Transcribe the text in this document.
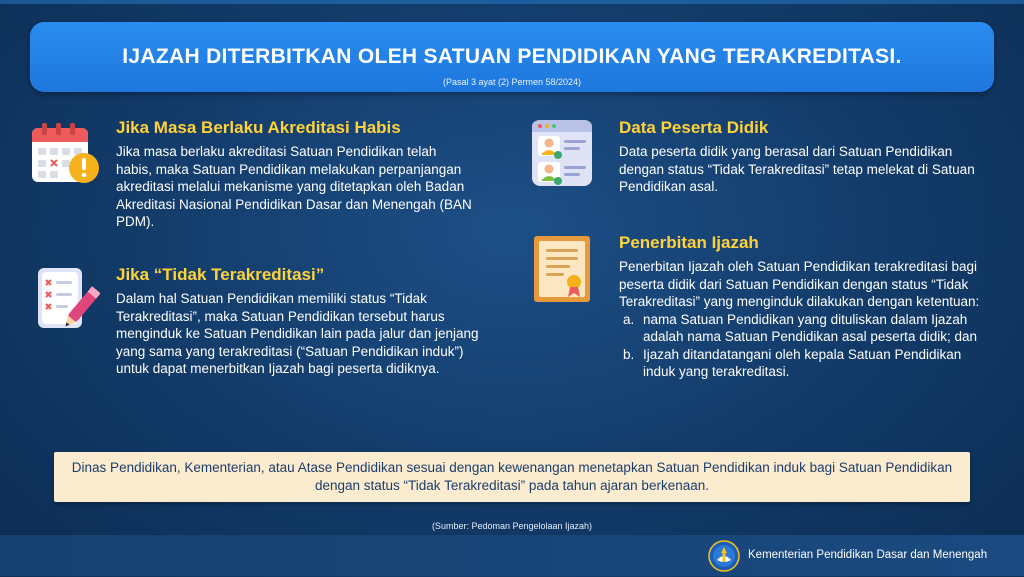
IJAZAH DITERBITKAN OLEH SATUAN PENDIDIKAN YANG TERAKREDITASI.
(Pasal 3 ayat (2) Permen 58/2024)
Jika Masa Berlaku Akreditasi Habis
Jika masa berlaku akreditasi Satuan Pendidikan telah habis, maka Satuan Pendidikan melakukan perpanjangan akreditasi melalui mekanisme yang ditetapkan oleh Badan Akreditasi Nasional Pendidikan Dasar dan Menengah (BAN PDM).
Jika “Tidak Terakreditasi”
Dalam hal Satuan Pendidikan memiliki status “Tidak Terakreditasi”, maka Satuan Pendidikan tersebut harus menginduk ke Satuan Pendidikan lain pada jalur dan jenjang yang sama yang terakreditasi (“Satuan Pendidikan induk”) untuk dapat menerbitkan Ijazah bagi peserta didiknya.
Data Peserta Didik
Data peserta didik yang berasal dari Satuan Pendidikan dengan status “Tidak Terakreditasi” tetap melekat di Satuan Pendidikan asal.
Penerbitan Ijazah
Penerbitan Ijazah oleh Satuan Pendidikan terakreditasi bagi peserta didik dari Satuan Pendidikan dengan status “Tidak Terakreditasi” yang menginduk dilakukan dengan ketentuan:
a. nama Satuan Pendidikan yang dituliskan dalam Ijazah adalah nama Satuan Pendidikan asal peserta didik; dan
b. Ijazah ditandatangani oleh kepala Satuan Pendidikan induk yang terakreditasi.
Dinas Pendidikan, Kementerian, atau Atase Pendidikan sesuai dengan kewenangan menetapkan Satuan Pendidikan induk bagi Satuan Pendidikan dengan status “Tidak Terakreditasi” pada tahun ajaran berkenaan.
(Sumber: Pedoman Pengelolaan Ijazah)
Kementerian Pendidikan Dasar dan Menengah
